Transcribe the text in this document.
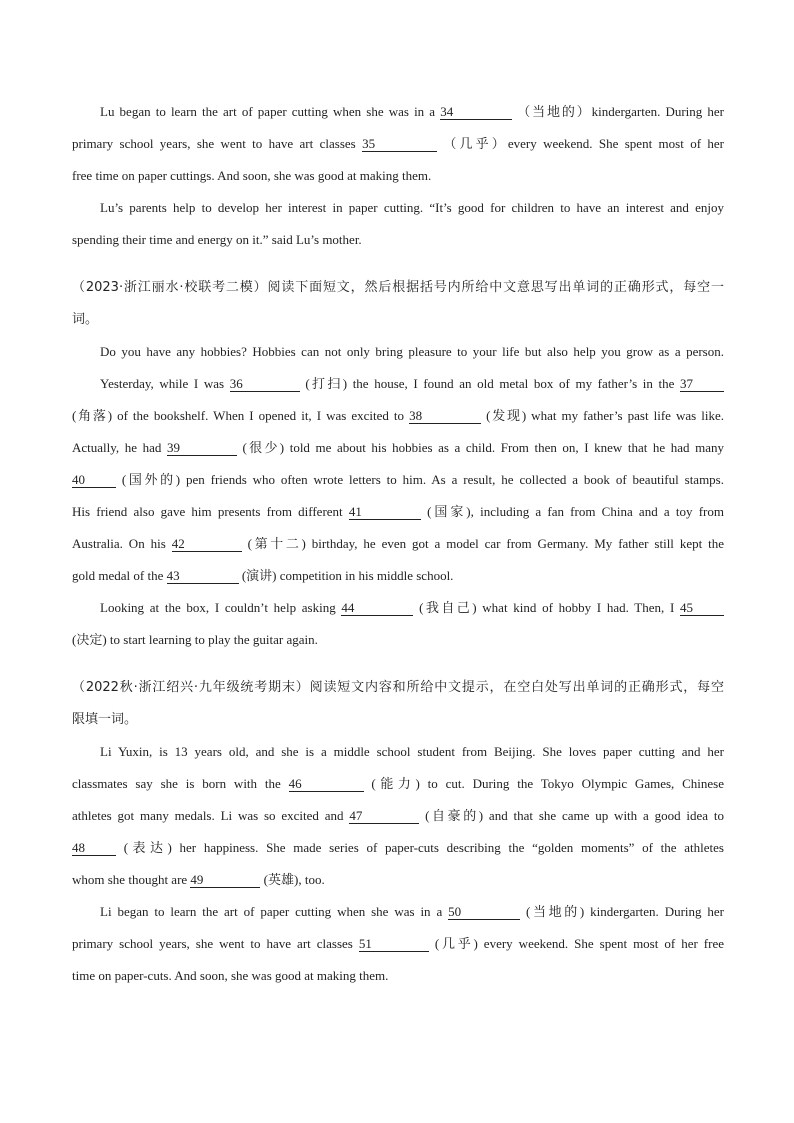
Lu began to learn the art of paper cutting when she was in a 34	（当地的）kindergarten. During her
primary school years, she went to have art classes 35	（几乎）every weekend. She spent most of her
free time on paper cuttings. And soon, she was good at making them.
Lu’s parents help to develop her interest in paper cutting. “It’s good for children to have an interest and enjoy
spending their time and energy on it.” said Lu’s mother.
（2023·浙江丽水·校联考二模）阅读下面短文，然后根据括号内所给中文意思写出单词的正确形式，每空一
词。
Do you have any hobbies? Hobbies can not only bring pleasure to your life but also help you grow as a person.
Yesterday, while I was 36	(打扫) the house, I found an old metal box of my father’s in the 37
(角落) of the bookshelf. When I opened it, I was excited to 38	(发现) what my father’s past life was like.
Actually, he had 39	(很少) told me about his hobbies as a child. From then on, I knew that he had many
40 (国外的) pen friends who often wrote letters to him. As a result, he collected a book of beautiful stamps.
His friend also gave him presents from different 41	(国家), including a fan from China and a toy from
Australia. On his 42	(第十二) birthday, he even got a model car from Germany. My father still kept the
gold medal of the 43	(演讲) competition in his middle school.
Looking at the box, I couldn’t help asking 44	(我自己) what kind of hobby I had. Then, I 45
(决定) to start learning to play the guitar again.
（2022秋·浙江绍兴·九年级统考期末）阅读短文内容和所给中文提示，在空白处写出单词的正确形式，每空
限填一词。
Li Yuxin, is 13 years old, and she is a middle school student from Beijing. She loves paper cutting and her
classmates say she is born with the 46	(能力) to cut. During the Tokyo Olympic Games, Chinese
athletes got many medals. Li was so excited and 47	(自豪的) and that she came up with a good idea to
48 (表达) her happiness. She made series of paper-cuts describing the “golden moments” of the athletes
whom she thought are 49	(英雄), too.
Li began to learn the art of paper cutting when she was in a 50	(当地的) kindergarten. During her
primary school years, she went to have art classes 51	(几乎) every weekend. She spent most of her free
time on paper-cuts. And soon, she was good at making them.
